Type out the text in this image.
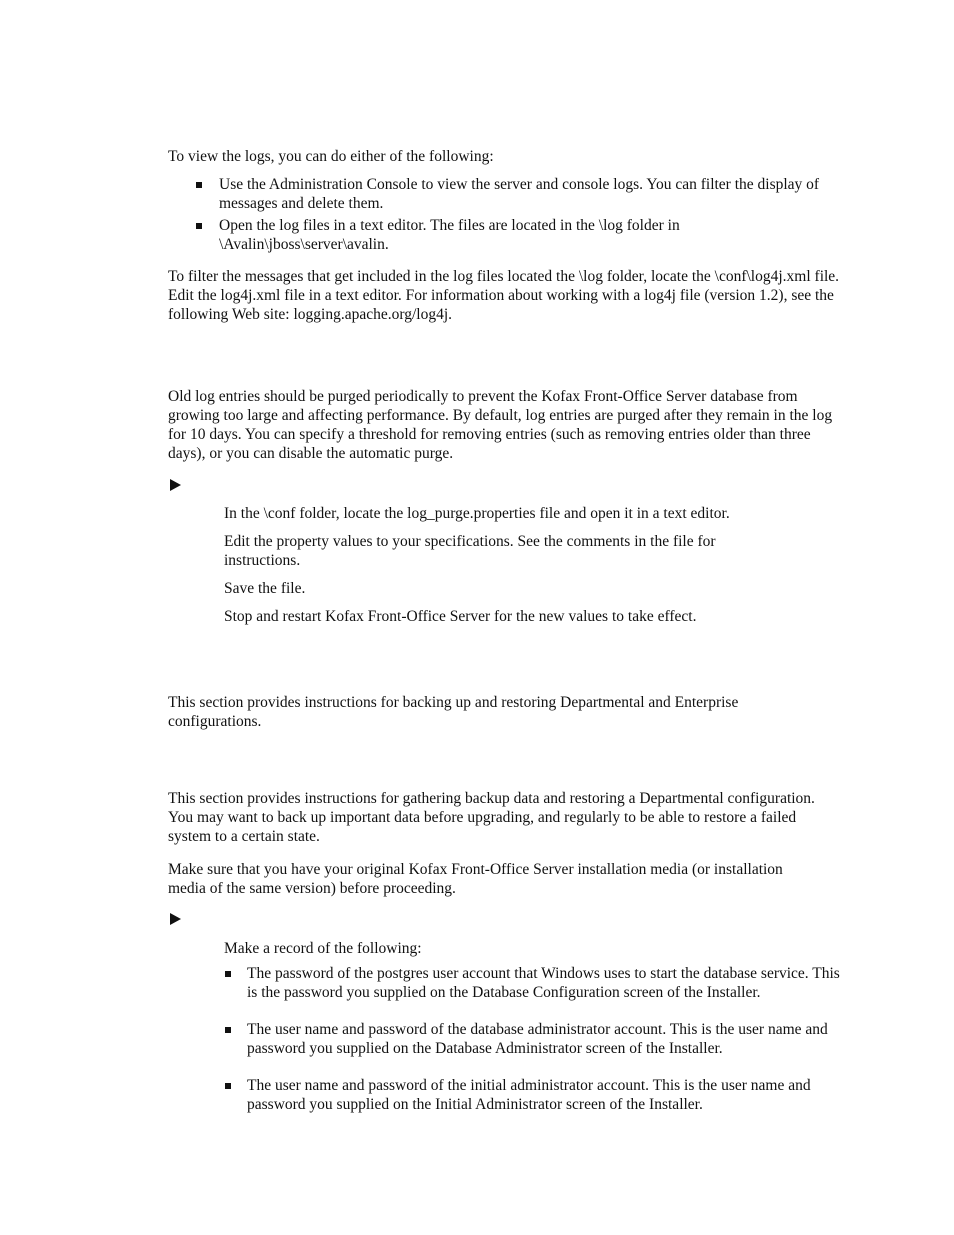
To view the logs, you can do either of the following:

Use the Administration Console to view the server and console logs. You can filter the display of messages and delete them.

Open the log files in a text editor. The files are located in the \log folder in \Avalin\jboss\server\avalin.

To filter the messages that get included in the log files located the \log folder, locate the \conf\log4j.xml file. Edit the log4j.xml file in a text editor. For information about working with a log4j file (version 1.2), see the following Web site: logging.apache.org/log4j.

Old log entries should be purged periodically to prevent the Kofax Front-Office Server database from growing too large and affecting performance. By default, log entries are purged after they remain in the log for 10 days. You can specify a threshold for removing entries (such as removing entries older than three days), or you can disable the automatic purge.

In the \conf folder, locate the log_purge.properties file and open it in a text editor.

Edit the property values to your specifications. See the comments in the file for instructions.

Save the file.

Stop and restart Kofax Front-Office Server for the new values to take effect.

This section provides instructions for backing up and restoring Departmental and Enterprise configurations.

This section provides instructions for gathering backup data and restoring a Departmental configuration. You may want to back up important data before upgrading, and regularly to be able to restore a failed system to a certain state.

Make sure that you have your original Kofax Front-Office Server installation media (or installation media of the same version) before proceeding.

Make a record of the following:

The password of the postgres user account that Windows uses to start the database service. This is the password you supplied on the Database Configuration screen of the Installer.

The user name and password of the database administrator account. This is the user name and password you supplied on the Database Administrator screen of the Installer.

The user name and password of the initial administrator account. This is the user name and password you supplied on the Initial Administrator screen of the Installer.
